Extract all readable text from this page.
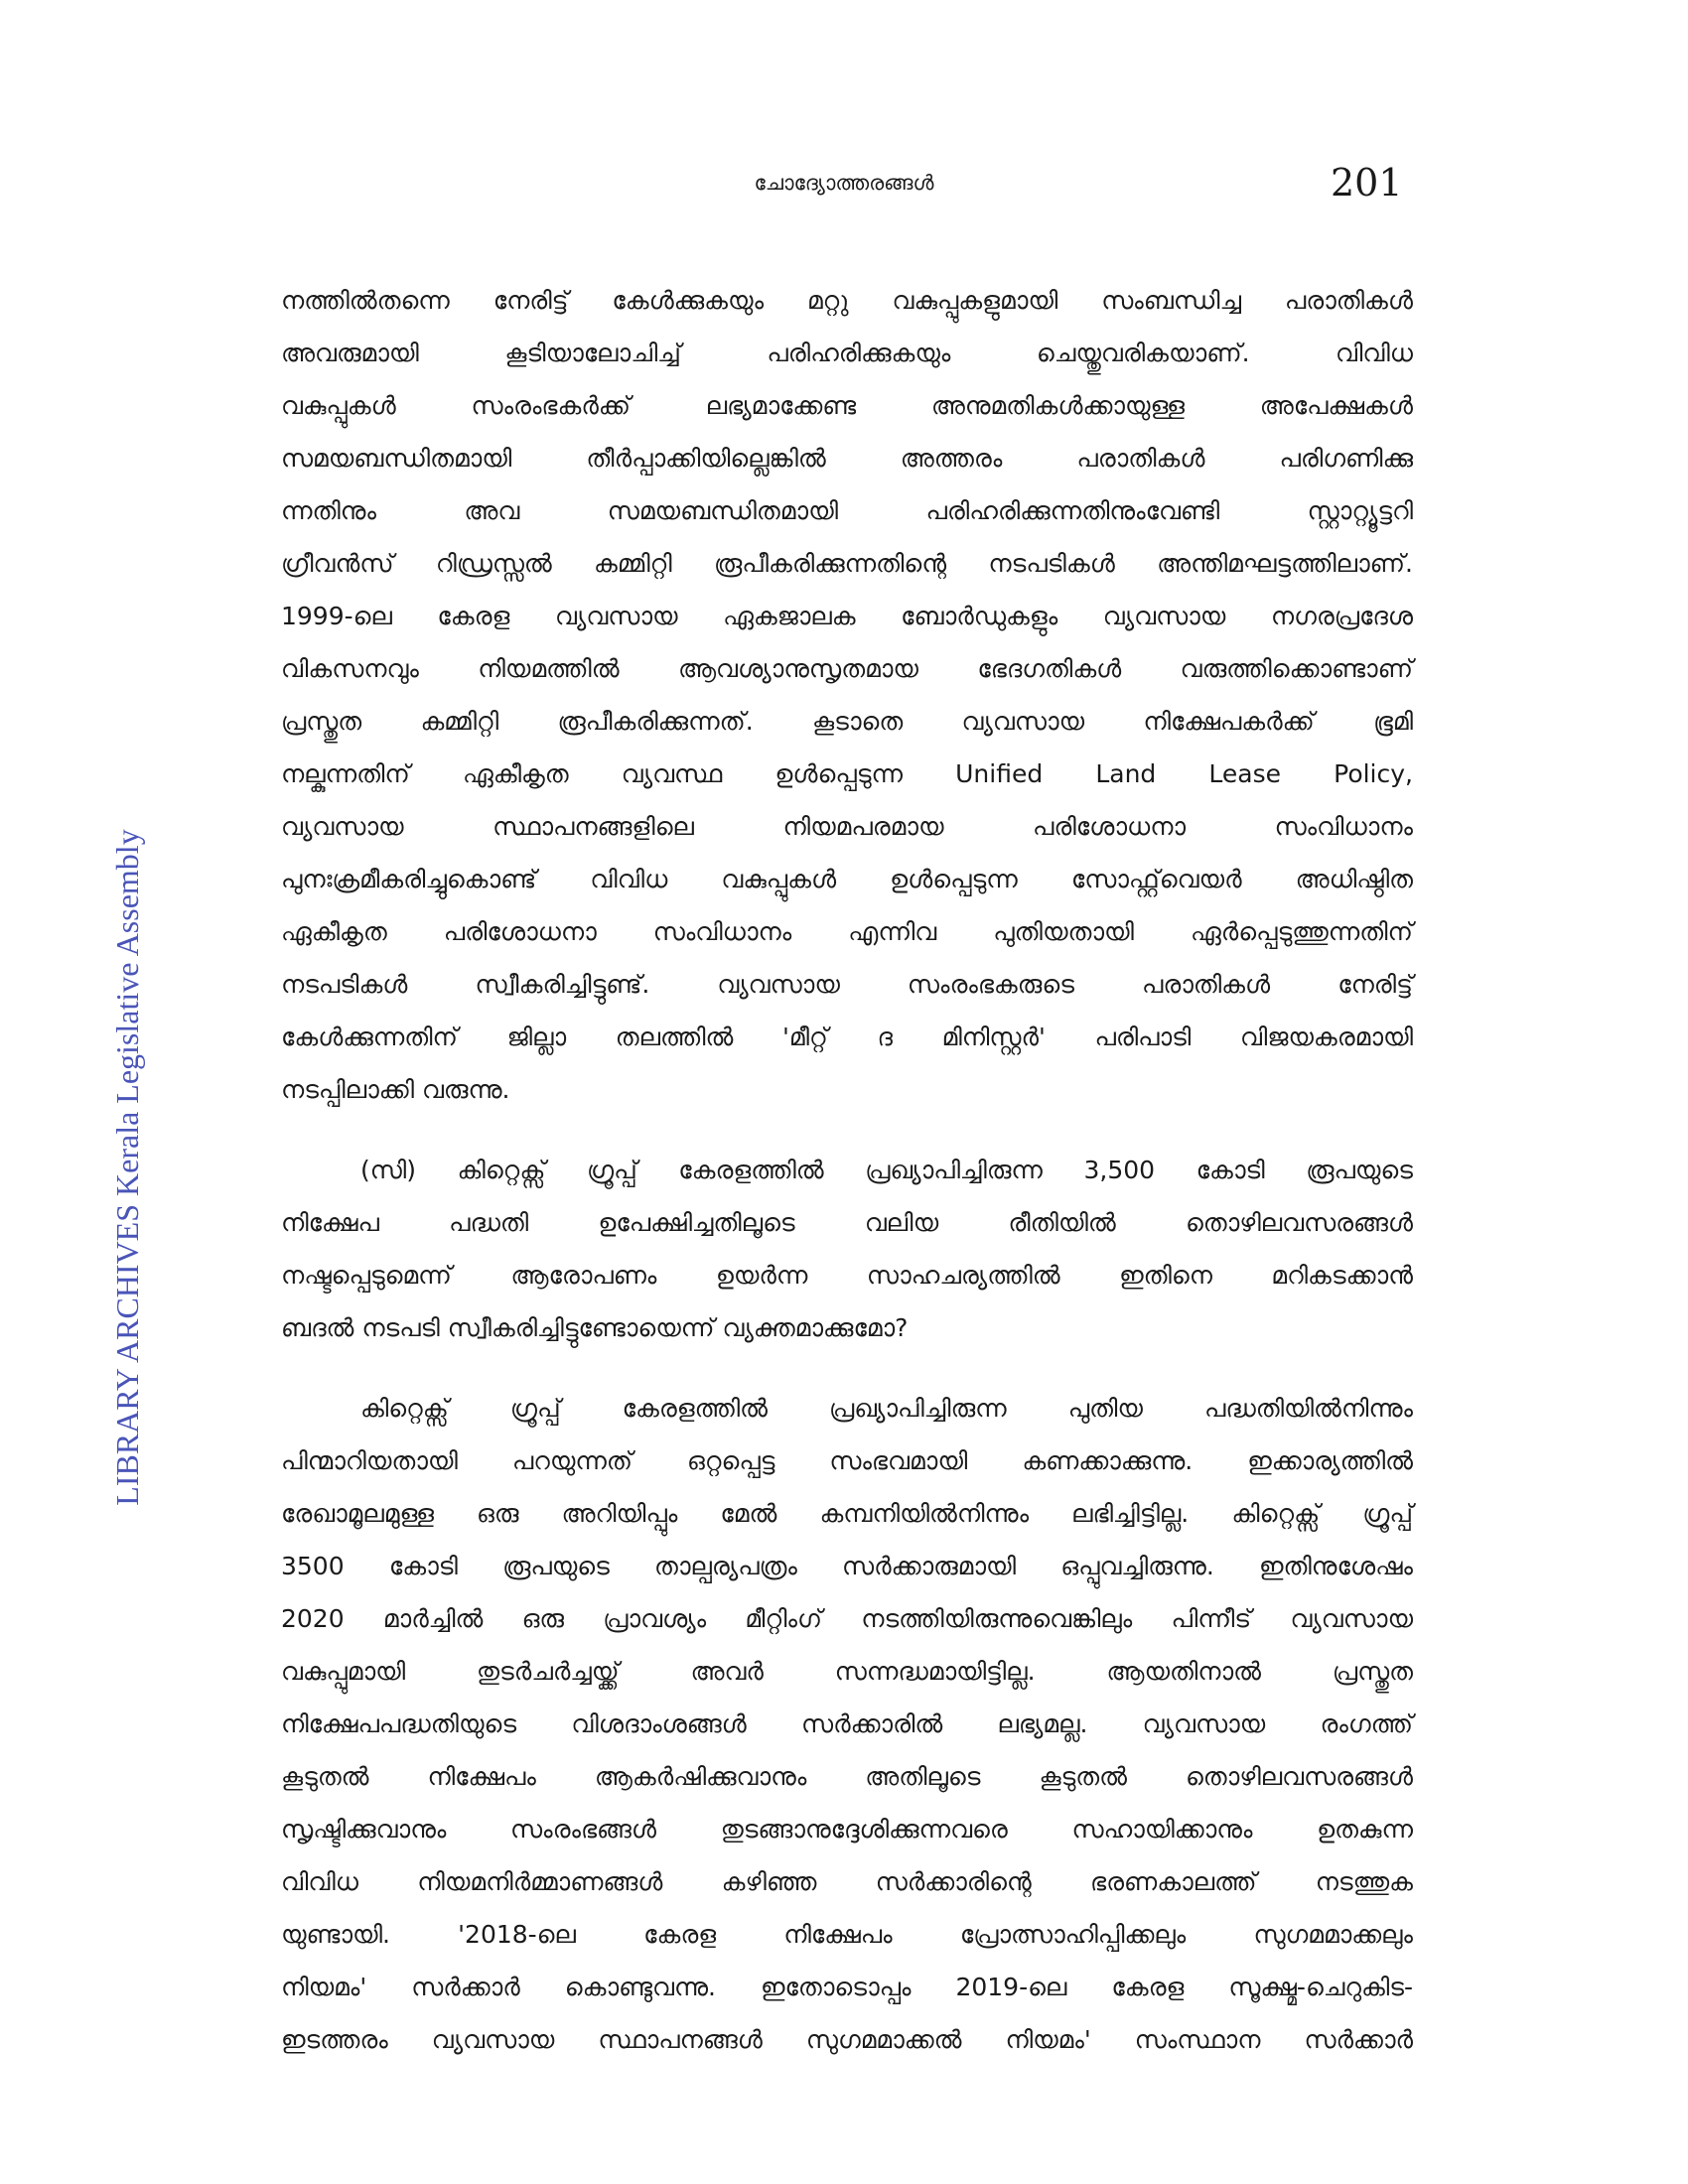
ചോദ്യോത്തരങ്ങൾ	201
LIBRARY ARCHIVES Kerala Legislative Assembly
നത്തിൽതന്നെ നേരിട്ട് കേൾക്കുകയും മറ്റു വകുപ്പുകളുമായി സംബന്ധിച്ച പരാതികൾ
അവരുമായി കൂടിയാലോചിച്ച് പരിഹരിക്കുകയും ചെയ്തുവരികയാണ്. വിവിധ
വകുപ്പുകൾ സംരംഭകർക്ക് ലഭ്യമാക്കേണ്ട അനുമതികൾക്കായുള്ള അപേക്ഷകൾ
സമയബന്ധിതമായി തീർപ്പാക്കിയില്ലെങ്കിൽ അത്തരം പരാതികൾ പരിഗണിക്കു
ന്നതിനും അവ സമയബന്ധിതമായി പരിഹരിക്കുന്നതിനുംവേണ്ടി സ്റ്റാറ്റ്യൂട്ടറി
ഗ്രീവൻസ് റിഡ്രസ്സൽ കമ്മിറ്റി രൂപീകരിക്കുന്നതിന്റെ നടപടികൾ അന്തിമഘട്ടത്തിലാണ്.
1999-ലെ കേരള വ്യവസായ ഏകജാലക ബോർഡുകളും വ്യവസായ നഗരപ്രദേശ
വികസനവും നിയമത്തിൽ ആവശ്യാനുസൃതമായ ഭേദഗതികൾ വരുത്തിക്കൊണ്ടാണ്
പ്രസ്തുത കമ്മിറ്റി രൂപീകരിക്കുന്നത്. കൂടാതെ വ്യവസായ നിക്ഷേപകർക്ക് ഭൂമി
നല്കുന്നതിന് ഏകീകൃത വ്യവസ്ഥ ഉൾപ്പെടുന്ന Unified Land Lease Policy,
വ്യവസായ സ്ഥാപനങ്ങളിലെ നിയമപരമായ പരിശോധനാ സംവിധാനം
പുനഃക്രമീകരിച്ചുകൊണ്ട് വിവിധ വകുപ്പുകൾ ഉൾപ്പെടുന്ന സോഫ്റ്റ്‌വെയർ അധിഷ്ഠിത
ഏകീകൃത പരിശോധനാ സംവിധാനം എന്നിവ പുതിയതായി ഏർപ്പെടുത്തുന്നതിന്
നടപടികൾ സ്വീകരിച്ചിട്ടുണ്ട്. വ്യവസായ സംരംഭകരുടെ പരാതികൾ നേരിട്ട്
കേൾക്കുന്നതിന് ജില്ലാ തലത്തിൽ 'മീറ്റ് ദ മിനിസ്റ്റർ' പരിപാടി വിജയകരമായി
നടപ്പിലാക്കി വരുന്നു.
(സി) കിറ്റെക്സ് ഗ്രൂപ്പ് കേരളത്തിൽ പ്രഖ്യാപിച്ചിരുന്ന 3,500 കോടി രൂപയുടെ
നിക്ഷേപ പദ്ധതി ഉപേക്ഷിച്ചതിലൂടെ വലിയ രീതിയിൽ തൊഴിലവസരങ്ങൾ
നഷ്ടപ്പെടുമെന്ന് ആരോപണം ഉയർന്ന സാഹചര്യത്തിൽ ഇതിനെ മറികടക്കാൻ
ബദൽ നടപടി സ്വീകരിച്ചിട്ടുണ്ടോയെന്ന് വ്യക്തമാക്കുമോ?
കിറ്റെക്സ് ഗ്രൂപ്പ് കേരളത്തിൽ പ്രഖ്യാപിച്ചിരുന്ന പുതിയ പദ്ധതിയിൽനിന്നും
പിന്മാറിയതായി പറയുന്നത് ഒറ്റപ്പെട്ട സംഭവമായി കണക്കാക്കുന്നു. ഇക്കാര്യത്തിൽ
രേഖാമൂലമുള്ള ഒരു അറിയിപ്പും മേൽ കമ്പനിയിൽനിന്നും ലഭിച്ചിട്ടില്ല. കിറ്റെക്സ് ഗ്രൂപ്പ്
3500 കോടി രൂപയുടെ താല്പര്യപത്രം സർക്കാരുമായി ഒപ്പുവച്ചിരുന്നു. ഇതിനുശേഷം
2020 മാർച്ചിൽ ഒരു പ്രാവശ്യം മീറ്റിംഗ് നടത്തിയിരുന്നുവെങ്കിലും പിന്നീട് വ്യവസായ
വകുപ്പുമായി തുടർചർച്ചയ്ക്ക് അവർ സന്നദ്ധമായിട്ടില്ല. ആയതിനാൽ പ്രസ്തുത
നിക്ഷേപപദ്ധതിയുടെ വിശദാംശങ്ങൾ സർക്കാരിൽ ലഭ്യമല്ല. വ്യവസായ രംഗത്ത്
കൂടുതൽ നിക്ഷേപം ആകർഷിക്കുവാനും അതിലൂടെ കൂടുതൽ തൊഴിലവസരങ്ങൾ
സൃഷ്ടിക്കുവാനും സംരംഭങ്ങൾ തുടങ്ങാനുദ്ദേശിക്കുന്നവരെ സഹായിക്കാനും ഉതകുന്ന
വിവിധ നിയമനിർമ്മാണങ്ങൾ കഴിഞ്ഞ സർക്കാരിന്റെ ഭരണകാലത്ത് നടത്തുക
യുണ്ടായി. '2018-ലെ കേരള നിക്ഷേപം പ്രോത്സാഹിപ്പിക്കലും സുഗമമാക്കലും
നിയമം' സർക്കാർ കൊണ്ടുവന്നു. ഇതോടൊപ്പം 2019-ലെ കേരള സൂക്ഷ്മ-ചെറുകിട-
ഇടത്തരം വ്യവസായ സ്ഥാപനങ്ങൾ സുഗമമാക്കൽ നിയമം' സംസ്ഥാന സർക്കാർ
